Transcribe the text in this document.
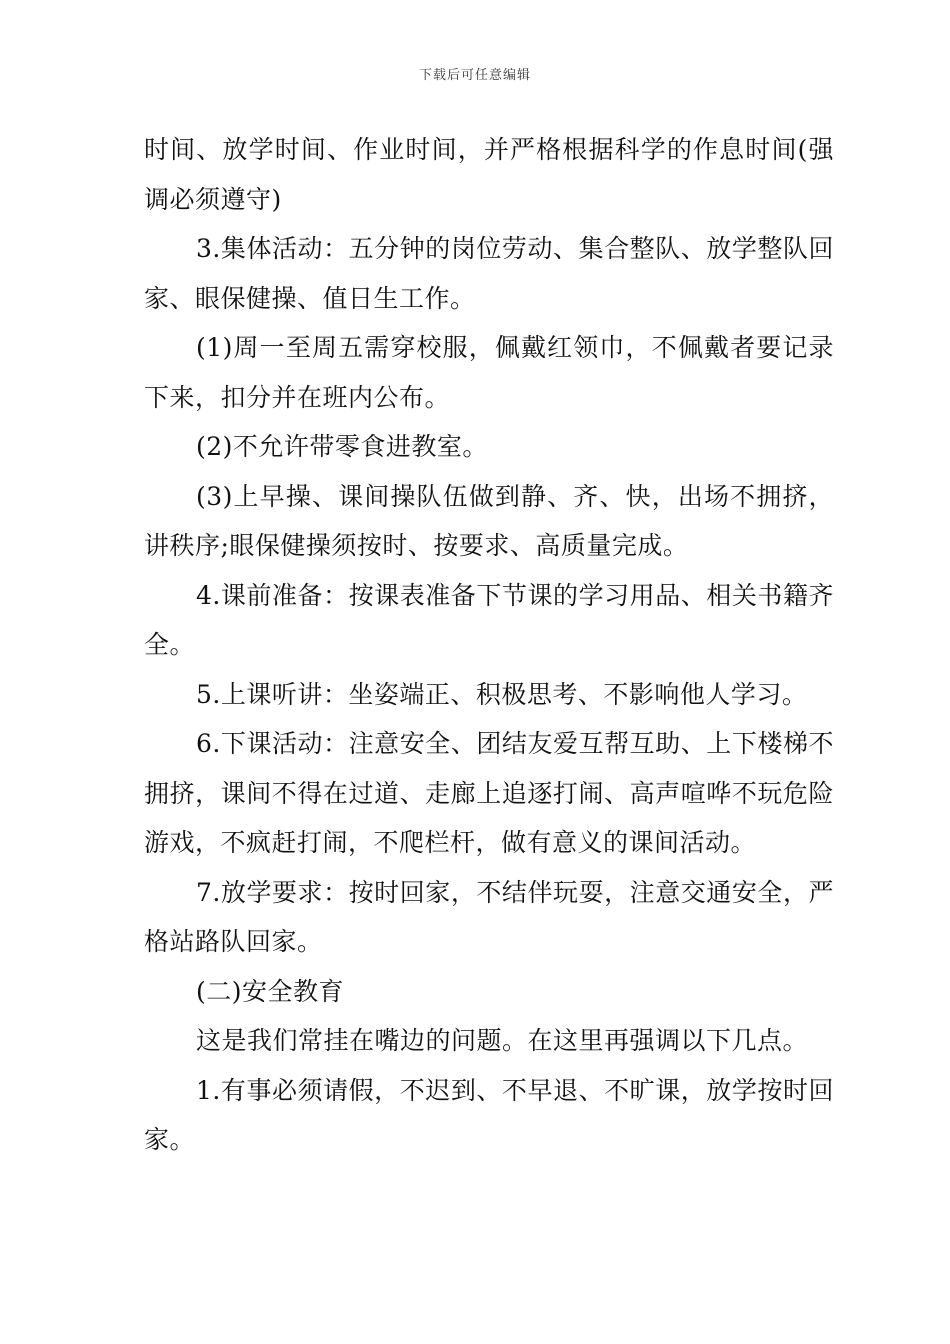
下载后可任意编辑

时间、放学时间、作业时间，并严格根据科学的作息时间(强调必须遵守)

3.集体活动：五分钟的岗位劳动、集合整队、放学整队回家、眼保健操、值日生工作。

(1)周一至周五需穿校服，佩戴红领巾，不佩戴者要记录下来，扣分并在班内公布。

(2)不允许带零食进教室。

(3)上早操、课间操队伍做到静、齐、快，出场不拥挤，讲秩序;眼保健操须按时、按要求、高质量完成。

4.课前准备：按课表准备下节课的学习用品、相关书籍齐全。

5.上课听讲：坐姿端正、积极思考、不影响他人学习。

6.下课活动：注意安全、团结友爱互帮互助、上下楼梯不拥挤，课间不得在过道、走廊上追逐打闹、高声喧哗不玩危险游戏，不疯赶打闹，不爬栏杆，做有意义的课间活动。

7.放学要求：按时回家，不结伴玩耍，注意交通安全，严格站路队回家。

(二)安全教育

这是我们常挂在嘴边的问题。在这里再强调以下几点。

1.有事必须请假，不迟到、不早退、不旷课，放学按时回家。
